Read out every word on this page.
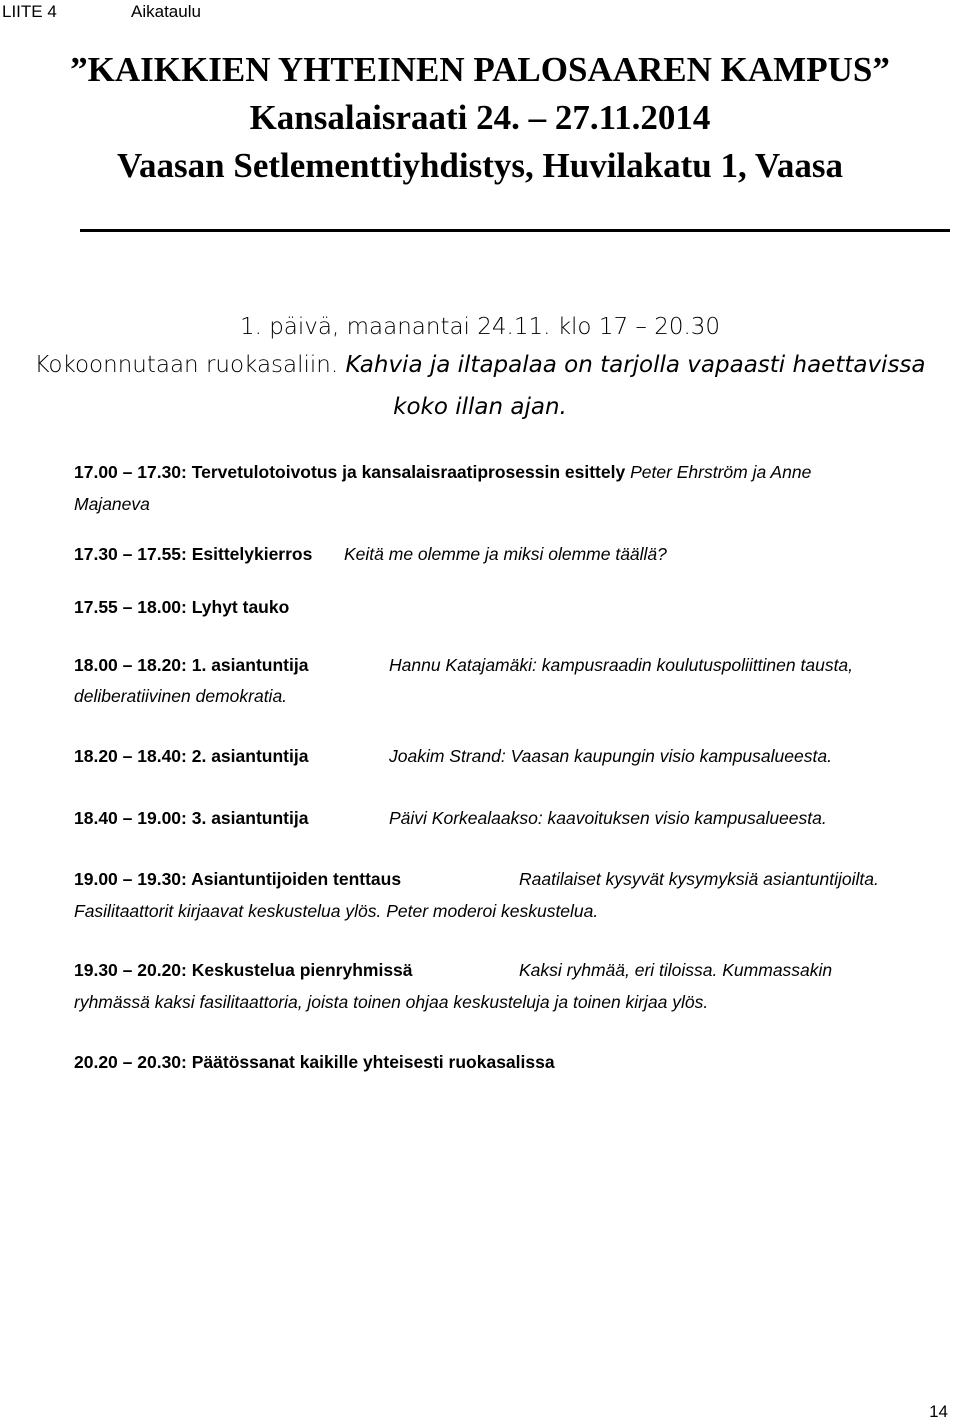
LIITE 4	Aikataulu
”KAIKKIEN YHTEINEN PALOSAAREN KAMPUS”
Kansalaisraati 24. – 27.11.2014
Vaasan Setlementtiyhdistys, Huvilakatu 1, Vaasa
1. päivä, maanantai 24.11. klo 17 – 20.30
Kokoonnutaan ruokasaliin. Kahvia ja iltapalaa on tarjolla vapaasti haettavissa
koko illan ajan.
17.00 – 17.30: Tervetulotoivotus ja kansalaisraatiprosessin esittely Peter Ehrström ja Anne
Majaneva
17.30 – 17.55: Esittelykierros Keitä me olemme ja miksi olemme täällä?
17.55 – 18.00: Lyhyt tauko
18.00 – 18.20: 1. asiantuntija	Hannu Katajamäki: kampusraadin koulutuspoliittinen tausta,
deliberatiivinen demokratia.
18.20 – 18.40: 2. asiantuntija	Joakim Strand: Vaasan kaupungin visio kampusalueesta.
18.40 – 19.00: 3. asiantuntija	Päivi Korkealaakso: kaavoituksen visio kampusalueesta.
19.00 – 19.30: Asiantuntijoiden tenttaus	Raatilaiset kysyvät kysymyksiä asiantuntijoilta.
Fasilitaattorit kirjaavat keskustelua ylös. Peter moderoi keskustelua.
19.30 – 20.20: Keskustelua pienryhmissä	Kaksi ryhmää, eri tiloissa. Kummassakin
ryhmässä kaksi fasilitaattoria, joista toinen ohjaa keskusteluja ja toinen kirjaa ylös.
20.20 – 20.30: Päätössanat kaikille yhteisesti ruokasalissa
14
